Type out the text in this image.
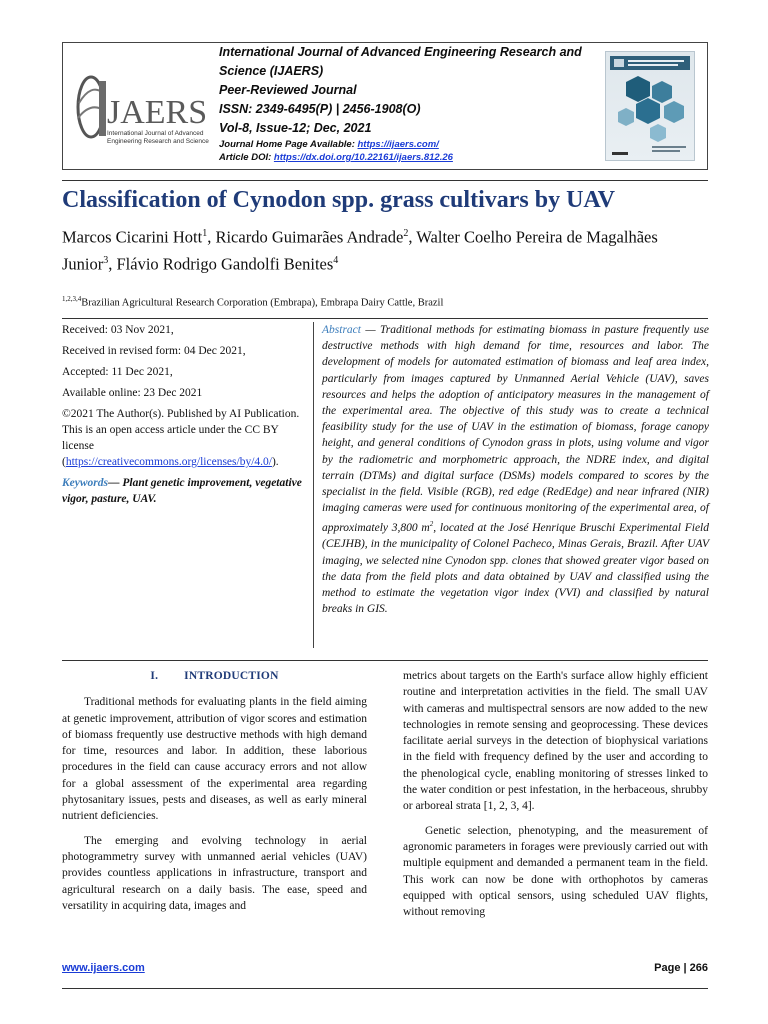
JAERS
International Journal of Advanced
Engineering Research and Science
International Journal of Advanced Engineering Research and
Science (IJAERS)
Peer-Reviewed Journal
ISSN: 2349-6495(P) | 2456-1908(O)
Vol-8, Issue-12; Dec, 2021
Journal Home Page Available: https://ijaers.com/
Article DOI: https://dx.doi.org/10.22161/ijaers.812.26
Classification of Cynodon spp. grass cultivars by UAV
Marcos Cicarini Hott$^1$, Ricardo Guimarães Andrade$^2$, Walter Coelho Pereira de Magalhães Junior$^3$, Flávio Rodrigo Gandolfi Benites$^4$
$^{1,2,3,4}$Brazilian Agricultural Research Corporation (Embrapa), Embrapa Dairy Cattle, Brazil

Received: 03 Nov 2021,

Received in revised form: 04 Dec 2021,

Accepted: 11 Dec 2021,

Available online: 23 Dec 2021

©2021 The Author(s). Published by AI Publication. This is an open access article under the CC BY license (https://creativecommons.org/licenses/by/4.0/).

Keywords— Plant genetic improvement, vegetative vigor, pasture, UAV.

Abstract — Traditional methods for estimating biomass in pasture frequently use destructive methods with high demand for time, resources and labor. The development of models for automated estimation of biomass and leaf area index, particularly from images captured by Unmanned Aerial Vehicle (UAV), saves resources and helps the adoption of anticipatory measures in the management of the experimental area. The objective of this study was to create a technical feasibility study for the use of UAV in the estimation of biomass, forage canopy height, and general conditions of Cynodon grass in plots, using volume and vigor by the radiometric and morphometric approach, the NDRE index, and digital terrain (DTMs) and digital surface (DSMs) models compared to scores by the specialist in the field. Visible (RGB), red edge (RedEdge) and near infrared (NIR) imaging cameras were used for continuous monitoring of the experimental area, of approximately 3,800 $m^2$, located at the José Henrique Bruschi Experimental Field (CEJHB), in the municipality of Colonel Pacheco, Minas Gerais, Brazil. After UAV imaging, we selected nine Cynodon spp. clones that showed greater vigor based on the data from the field plots and data obtained by UAV and classified using the method to estimate the vegetation vigor index (VVI) and classified by natural breaks in GIS.

I. INTRODUCTION

Traditional methods for evaluating plants in the field aiming at genetic improvement, attribution of vigor scores and estimation of biomass frequently use destructive methods with high demand for time, resources and labor. In addition, these laborious procedures in the field can cause accuracy errors and not allow for a global assessment of the experimental area regarding phytosanitary issues, pests and diseases, as well as early mineral nutrient deficiencies.

The emerging and evolving technology in aerial photogrammetry survey with unmanned aerial vehicles (UAV) provides countless applications in infrastructure, transport and agricultural research on a daily basis. The ease, speed and versatility in acquiring data, images and

metrics about targets on the Earth's surface allow highly efficient routine and interpretation activities in the field. The small UAV with cameras and multispectral sensors are now added to the new technologies in remote sensing and geoprocessing. These devices facilitate aerial surveys in the detection of biophysical variations in the field with frequency defined by the user and according to the phenological cycle, enabling monitoring of stresses linked to the water condition or pest infestation, in the herbaceous, shrubby or arboreal strata [1, 2, 3, 4].

Genetic selection, phenotyping, and the measurement of agronomic parameters in forages were previously carried out with multiple equipment and demanded a permanent team in the field. This work can now be done with orthophotos by cameras equipped with optical sensors, using scheduled UAV flights, without removing

www.ijaers.com	Page | 266
